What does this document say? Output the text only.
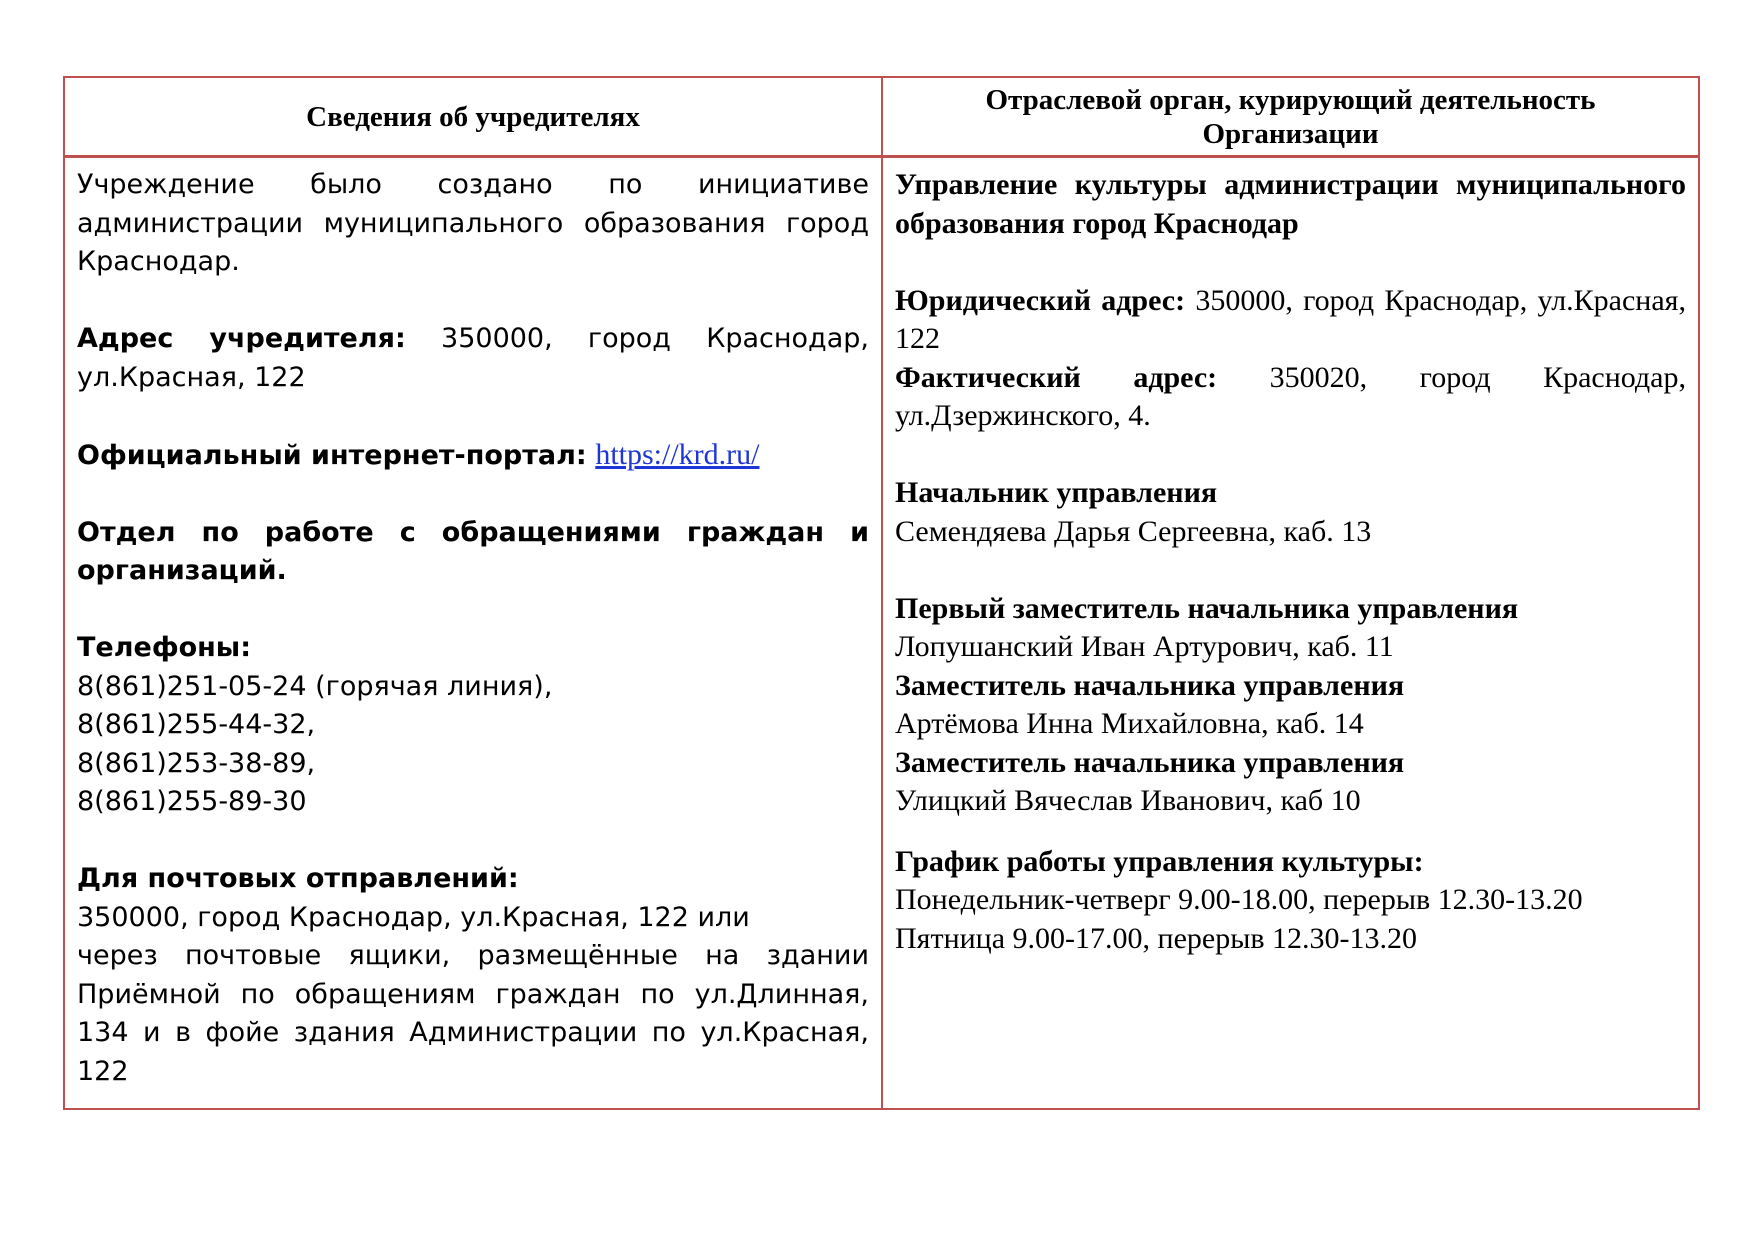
Сведения об учредителях
Отраслевой орган, курирующий деятельность Организации

Учреждение было создано по инициативе администрации муниципального образования город Краснодар.

Адрес учредителя: 350000, город Краснодар, ул.Красная, 122

Официальный интернет-портал: https://krd.ru/

Отдел по работе с обращениями граждан и организаций.

Телефоны:

8(861)251-05-24 (горячая линия),

8(861)255-44-32,

8(861)253-38-89,

8(861)255-89-30

Для почтовых отправлений:

350000, город Краснодар, ул.Красная, 122 или

через почтовые ящики, размещённые на здании Приёмной по обращениям граждан по ул.Длинная, 134 и в фойе здания Администрации по ул.Красная, 122

Управление культуры администрации муниципального образования город Краснодар

Юридический адрес: 350000, город Краснодар, ул.Красная, 122

Фактический адрес: 350020, город Краснодар, ул.Дзержинского, 4.

Начальник управления

Семендяева Дарья Сергеевна, каб. 13

Первый заместитель начальника управления

Лопушанский Иван Артурович, каб. 11

Заместитель начальника управления

Артёмова Инна Михайловна, каб. 14

Заместитель начальника управления

Улицкий Вячеслав Иванович, каб 10

График работы управления культуры:

Понедельник-четверг 9.00-18.00, перерыв 12.30-13.20

Пятница 9.00-17.00, перерыв 12.30-13.20
